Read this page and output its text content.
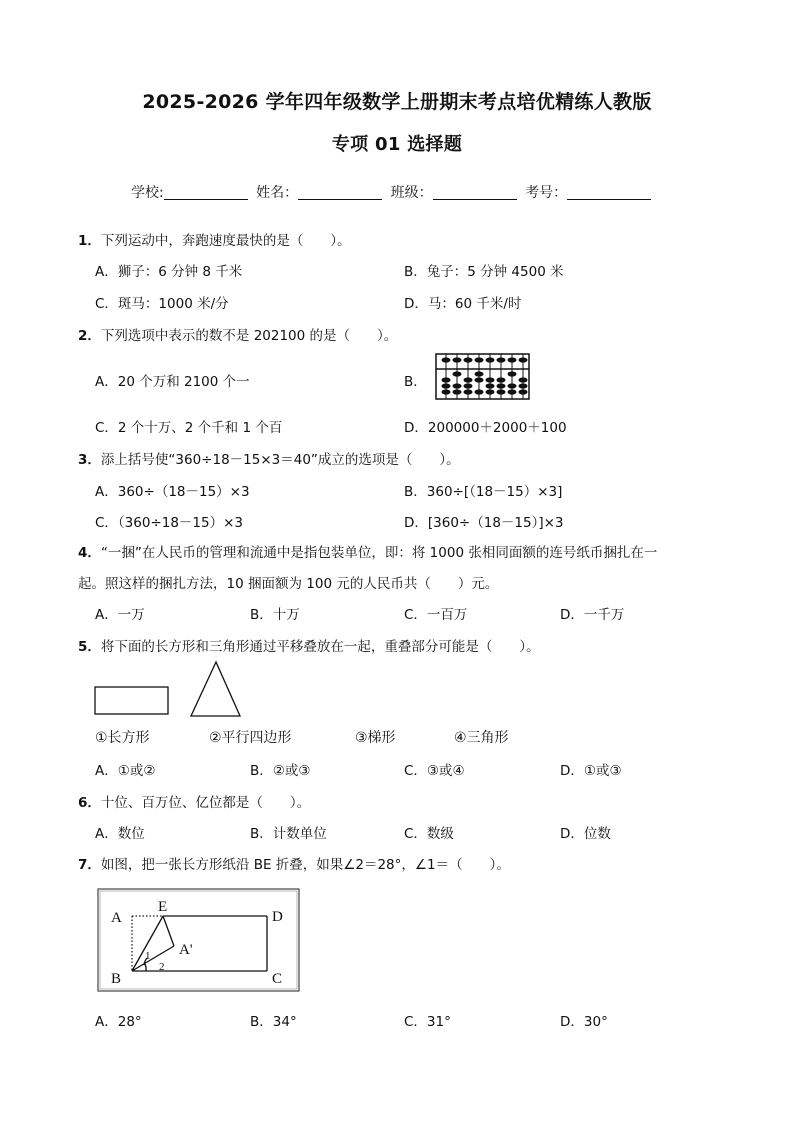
2025-2026 学年四年级数学上册期末考点培优精练人教版
专项 01 选择题
学校:	姓名：	班级：	考号：
1．下列运动中，奔跑速度最快的是（　　）。
A．狮子：6 分钟 8 千米	B．兔子：5 分钟 4500 米
C．斑马：1000 米/分	D．马：60 千米/时
2．下列选项中表示的数不是 202100 的是（　　）。
A．20 个万和 2100 个一	B．
C．2 个十万、2 个千和 1 个百	D．200000＋2000＋100
3．添上括号使“360÷18－15×3＝40”成立的选项是（　　）。
A．360÷（18－15）×3	B．360÷[（18－15）×3]
C．（360÷18－15）×3	D．[360÷（18－15）]×3
4．“一捆”在人民币的管理和流通中是指包装单位，即：将 1000 张相同面额的连号纸币捆扎在一
起。照这样的捆扎方法，10 捆面额为 100 元的人民币共（　　）元。
A．一万	B．十万	C．一百万	D．一千万
5．将下面的长方形和三角形通过平移叠放在一起，重叠部分可能是（　　）。
①长方形	②平行四边形	③梯形	④三角形
A．①或②	B．②或③	C．③或④	D．①或③
6．十位、百万位、亿位都是（　　）。
A．数位	B．计数单位	C．数级	D．位数
7．如图，把一张长方形纸沿 BE 折叠，如果∠2＝28°，∠1＝（　　）。
A
E
D
A'
B	C
1
2
A．28°	B．34°	C．31°	D．30°
